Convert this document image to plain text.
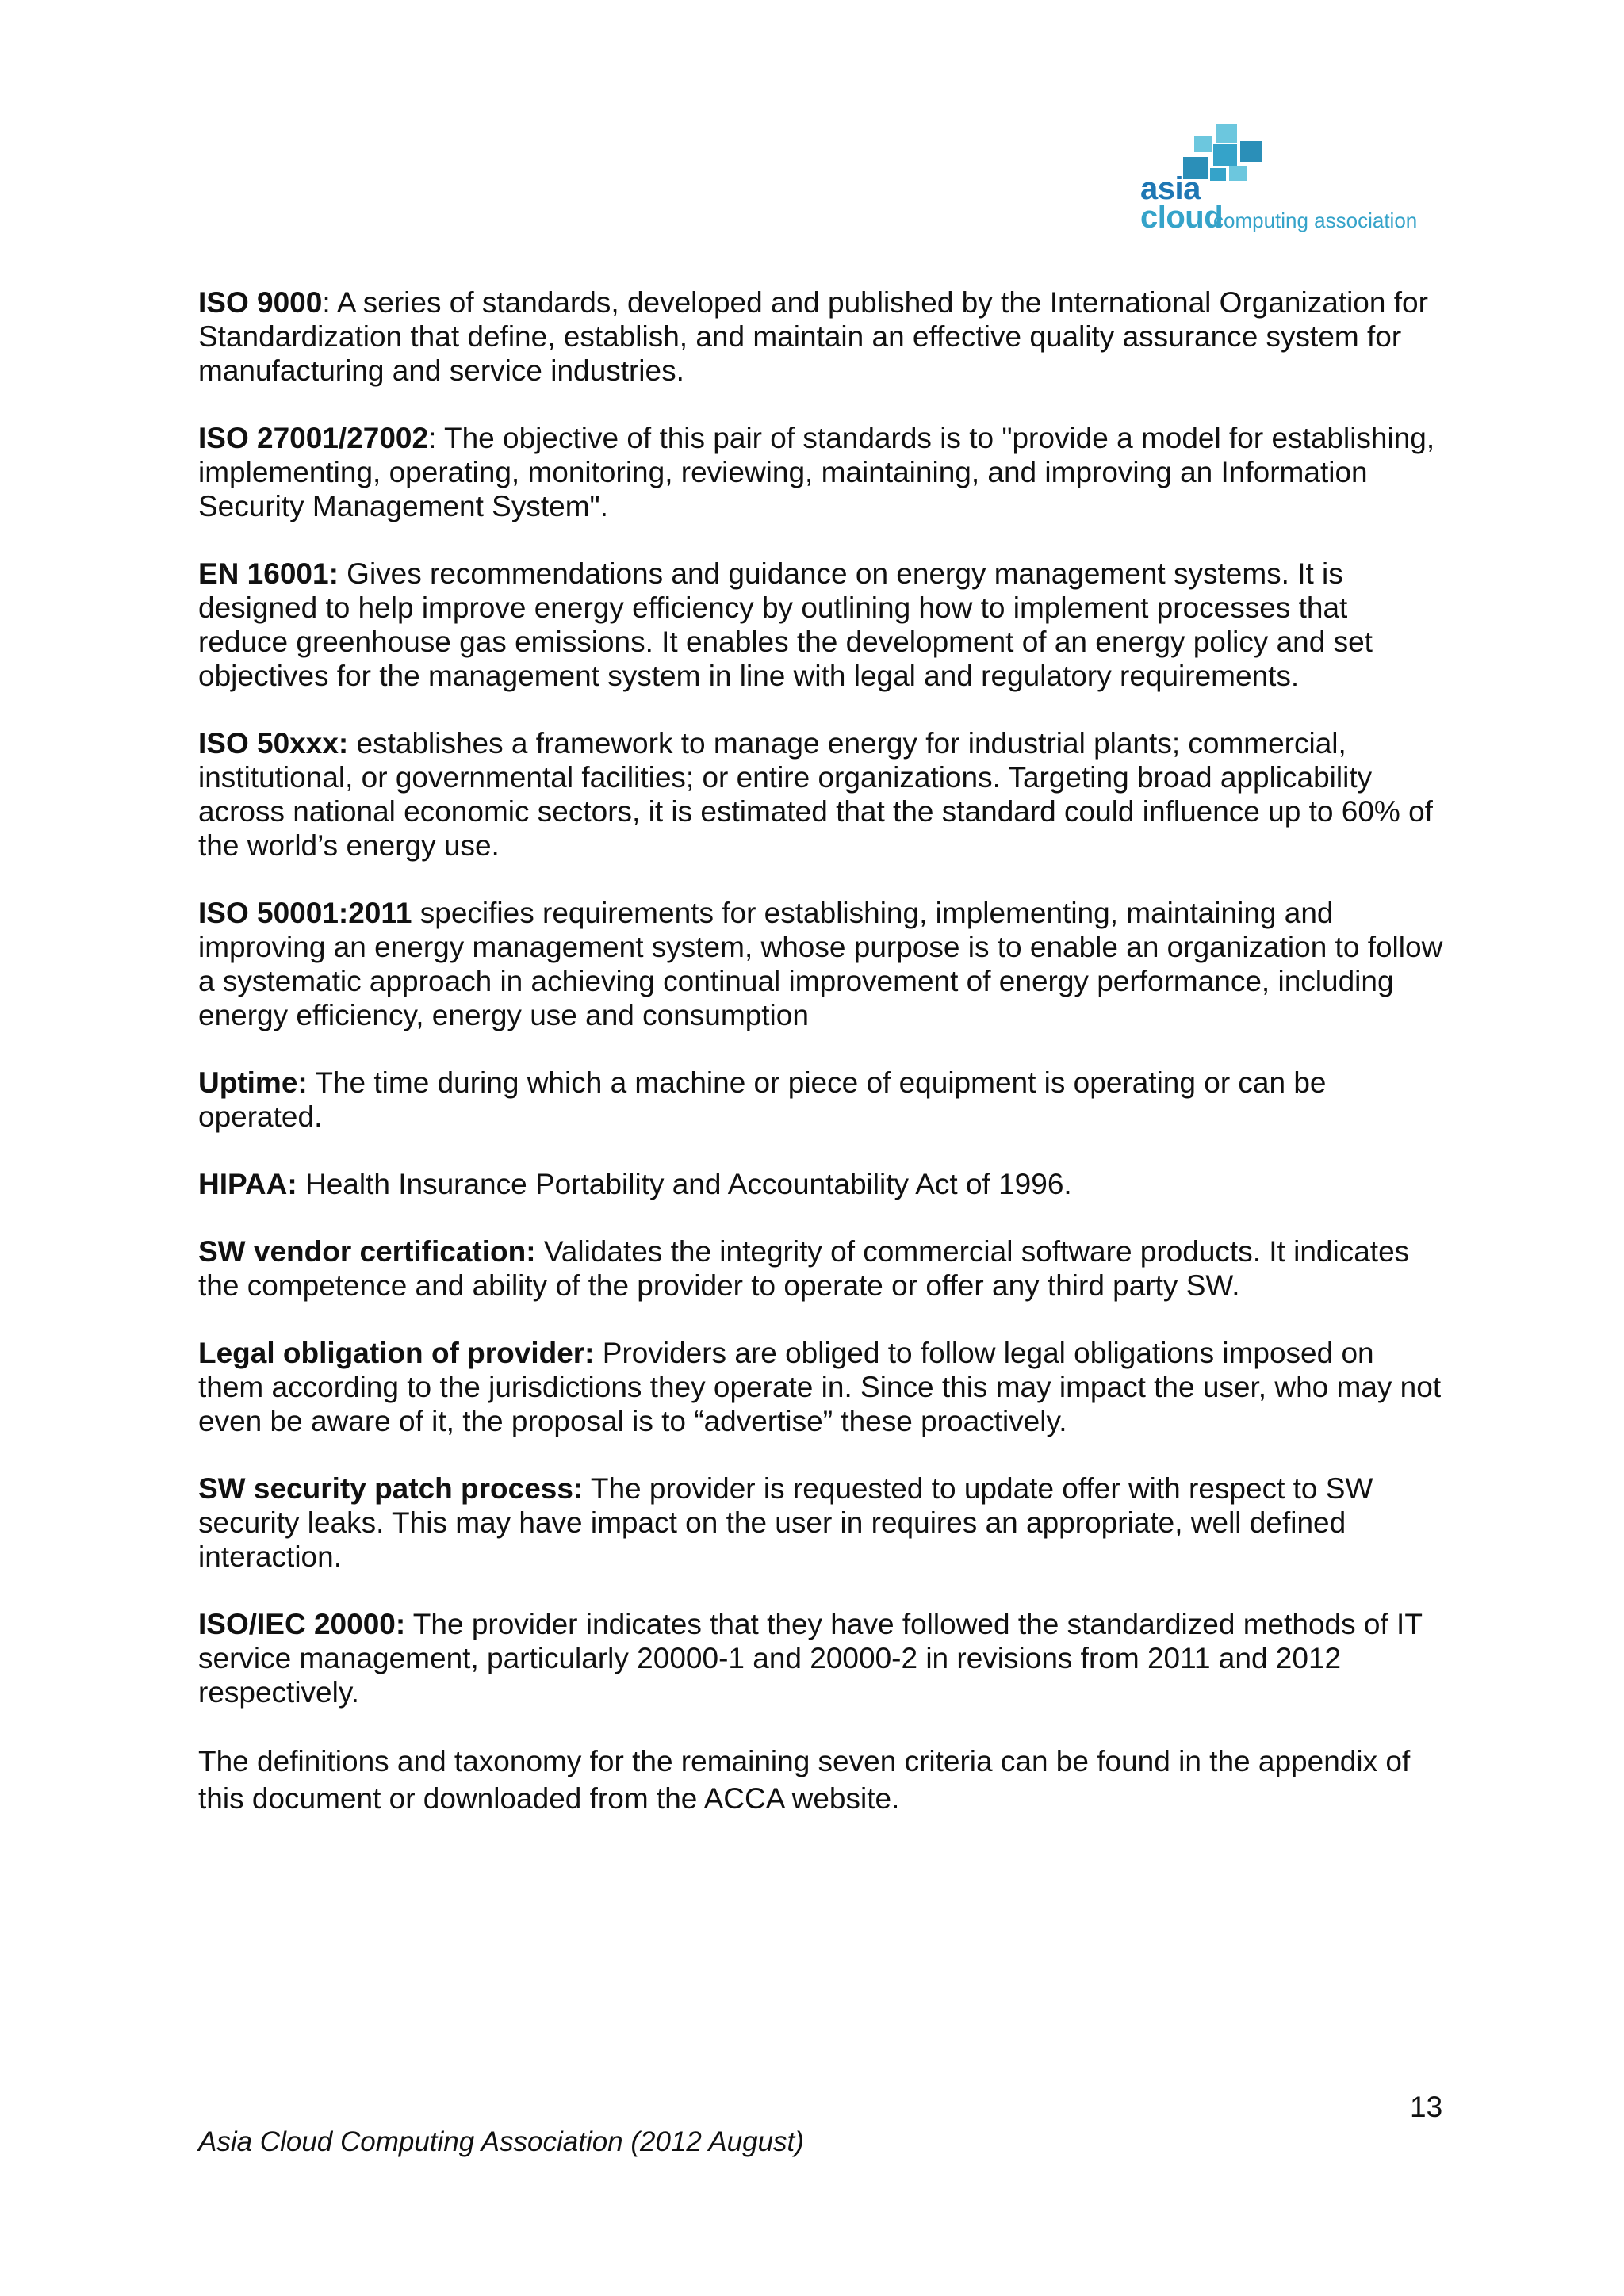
asia
cloud
computing association

ISO 9000: A series of standards, developed and published by the International Organization for Standardization that define, establish, and maintain an effective quality assurance system for manufacturing and service industries.

ISO 27001/27002: The objective of this pair of standards is to "provide a model for establishing, implementing, operating, monitoring, reviewing, maintaining, and improving an Information Security Management System".

EN 16001: Gives recommendations and guidance on energy management systems. It is designed to help improve energy efficiency by outlining how to implement processes that reduce greenhouse gas emissions. It enables the development of an energy policy and set objectives for the management system in line with legal and regulatory requirements.

ISO 50xxx: establishes a framework to manage energy for industrial plants; commercial, institutional, or governmental facilities; or entire organizations. Targeting broad applicability across national economic sectors, it is estimated that the standard could influence up to 60% of the world’s energy use.

ISO 50001:2011 specifies requirements for establishing, implementing, maintaining and improving an energy management system, whose purpose is to enable an organization to follow a systematic approach in achieving continual improvement of energy performance, including energy efficiency, energy use and consumption

Uptime: The time during which a machine or piece of equipment is operating or can be operated.

HIPAA: Health Insurance Portability and Accountability Act of 1996.

SW vendor certification: Validates the integrity of commercial software products. It indicates the competence and ability of the provider to operate or offer any third party SW.

Legal obligation of provider: Providers are obliged to follow legal obligations imposed on them according to the jurisdictions they operate in. Since this may impact the user, who may not even be aware of it, the proposal is to “advertise” these proactively.

SW security patch process: The provider is requested to update offer with respect to SW security leaks. This may have impact on the user in requires an appropriate, well defined interaction.

ISO/IEC 20000: The provider indicates that they have followed the standardized methods of IT service management, particularly 20000-1 and 20000-2 in revisions from 2011 and 2012 respectively.

The definitions and taxonomy for the remaining seven criteria can be found in the appendix of this document or downloaded from the ACCA website.

13
Asia Cloud Computing Association (2012 August)
